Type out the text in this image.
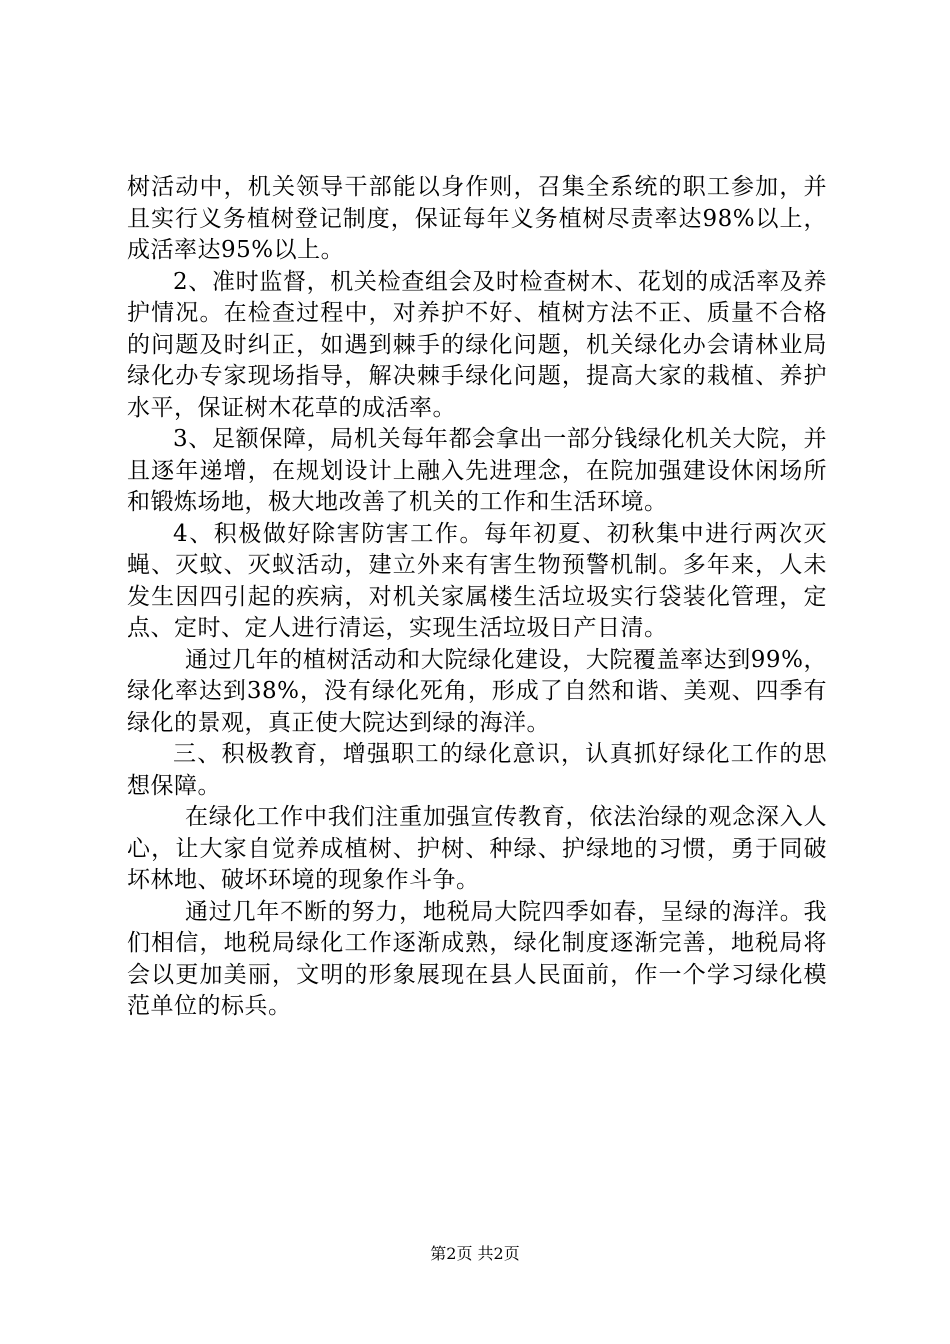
树活动中，机关领导干部能以身作则，召集全系统的职工参加，并且实行义务植树登记制度，保证每年义务植树尽责率达98%以上，成活率达95%以上。

2、准时监督，机关检查组会及时检查树木、花划的成活率及养护情况。在检查过程中，对养护不好、植树方法不正、质量不合格的问题及时纠正，如遇到棘手的绿化问题，机关绿化办会请林业局绿化办专家现场指导，解决棘手绿化问题，提高大家的栽植、养护水平，保证树木花草的成活率。

3、足额保障，局机关每年都会拿出一部分钱绿化机关大院，并且逐年递增，在规划设计上融入先进理念，在院加强建设休闲场所和锻炼场地，极大地改善了机关的工作和生活环境。

4、积极做好除害防害工作。每年初夏、初秋集中进行两次灭蝇、灭蚊、灭蚁活动，建立外来有害生物预警机制。多年来，人未发生因四引起的疾病，对机关家属楼生活垃圾实行袋装化管理，定点、定时、定人进行清运，实现生活垃圾日产日清。

通过几年的植树活动和大院绿化建设，大院覆盖率达到99%，绿化率达到38%，没有绿化死角，形成了自然和谐、美观、四季有绿化的景观，真正使大院达到绿的海洋。

三、积极教育，增强职工的绿化意识，认真抓好绿化工作的思想保障。

在绿化工作中我们注重加强宣传教育，依法治绿的观念深入人心，让大家自觉养成植树、护树、种绿、护绿地的习惯，勇于同破坏林地、破坏环境的现象作斗争。

通过几年不断的努力，地税局大院四季如春，呈绿的海洋。我们相信，地税局绿化工作逐渐成熟，绿化制度逐渐完善，地税局将会以更加美丽，文明的形象展现在县人民面前，作一个学习绿化模范单位的标兵。

第2页 共2页
